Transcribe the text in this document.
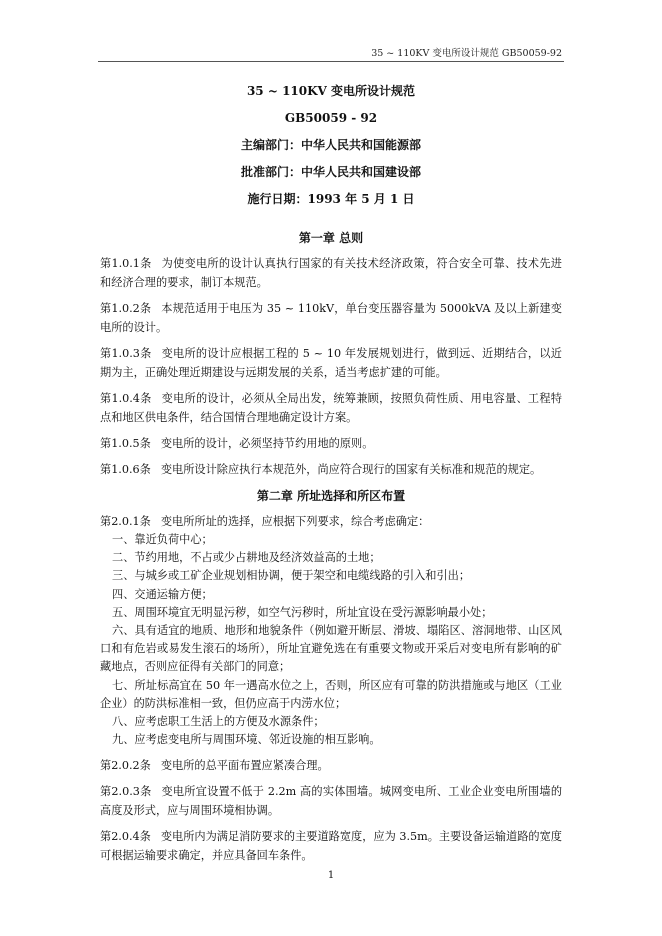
35 ~ 110KV 变电所设计规范 GB50059-92
35 ~ 110KV 变电所设计规范
GB50059 - 92
主编部门：中华人民共和国能源部
批准部门：中华人民共和国建设部
施行日期：1993 年 5 月 1 日
第一章 总则

第1.0.1条 为使变电所的设计认真执行国家的有关技术经济政策，符合安全可靠、技术先进和经济合理的要求，制订本规范。

第1.0.2条 本规范适用于电压为 35 ~ 110kV，单台变压器容量为 5000kVA 及以上新建变电所的设计。

第1.0.3条 变电所的设计应根据工程的 5 ~ 10 年发展规划进行，做到远、近期结合，以近期为主，正确处理近期建设与远期发展的关系，适当考虑扩建的可能。

第1.0.4条 变电所的设计，必须从全局出发，统筹兼顾，按照负荷性质、用电容量、工程特点和地区供电条件，结合国情合理地确定设计方案。

第1.0.5条 变电所的设计，必须坚持节约用地的原则。

第1.0.6条 变电所设计除应执行本规范外，尚应符合现行的国家有关标准和规范的规定。

第二章 所址选择和所区布置

第2.0.1条 变电所所址的选择，应根据下列要求，综合考虑确定：

一、靠近负荷中心；
二、节约用地，不占或少占耕地及经济效益高的土地；
三、与城乡或工矿企业规划相协调，便于架空和电缆线路的引入和引出；
四、交通运输方便；
五、周围环境宜无明显污秽，如空气污秽时，所址宜设在受污源影响最小处；
六、具有适宜的地质、地形和地貌条件（例如避开断层、滑坡、塌陷区、溶洞地带、山区风口和有危岩或易发生滚石的场所），所址宜避免选在有重要文物或开采后对变电所有影响的矿藏地点，否则应征得有关部门的同意；
七、所址标高宜在 50 年一遇高水位之上，否则，所区应有可靠的防洪措施或与地区（工业企业）的防洪标准相一致，但仍应高于内涝水位；
八、应考虑职工生活上的方便及水源条件；
九、应考虑变电所与周围环境、邻近设施的相互影响。

第2.0.2条 变电所的总平面布置应紧凑合理。

第2.0.3条 变电所宜设置不低于 2.2m 高的实体围墙。城网变电所、工业企业变电所围墙的高度及形式，应与周围环境相协调。

第2.0.4条 变电所内为满足消防要求的主要道路宽度，应为 3.5m。主要设备运输道路的宽度可根据运输要求确定，并应具备回车条件。

1
